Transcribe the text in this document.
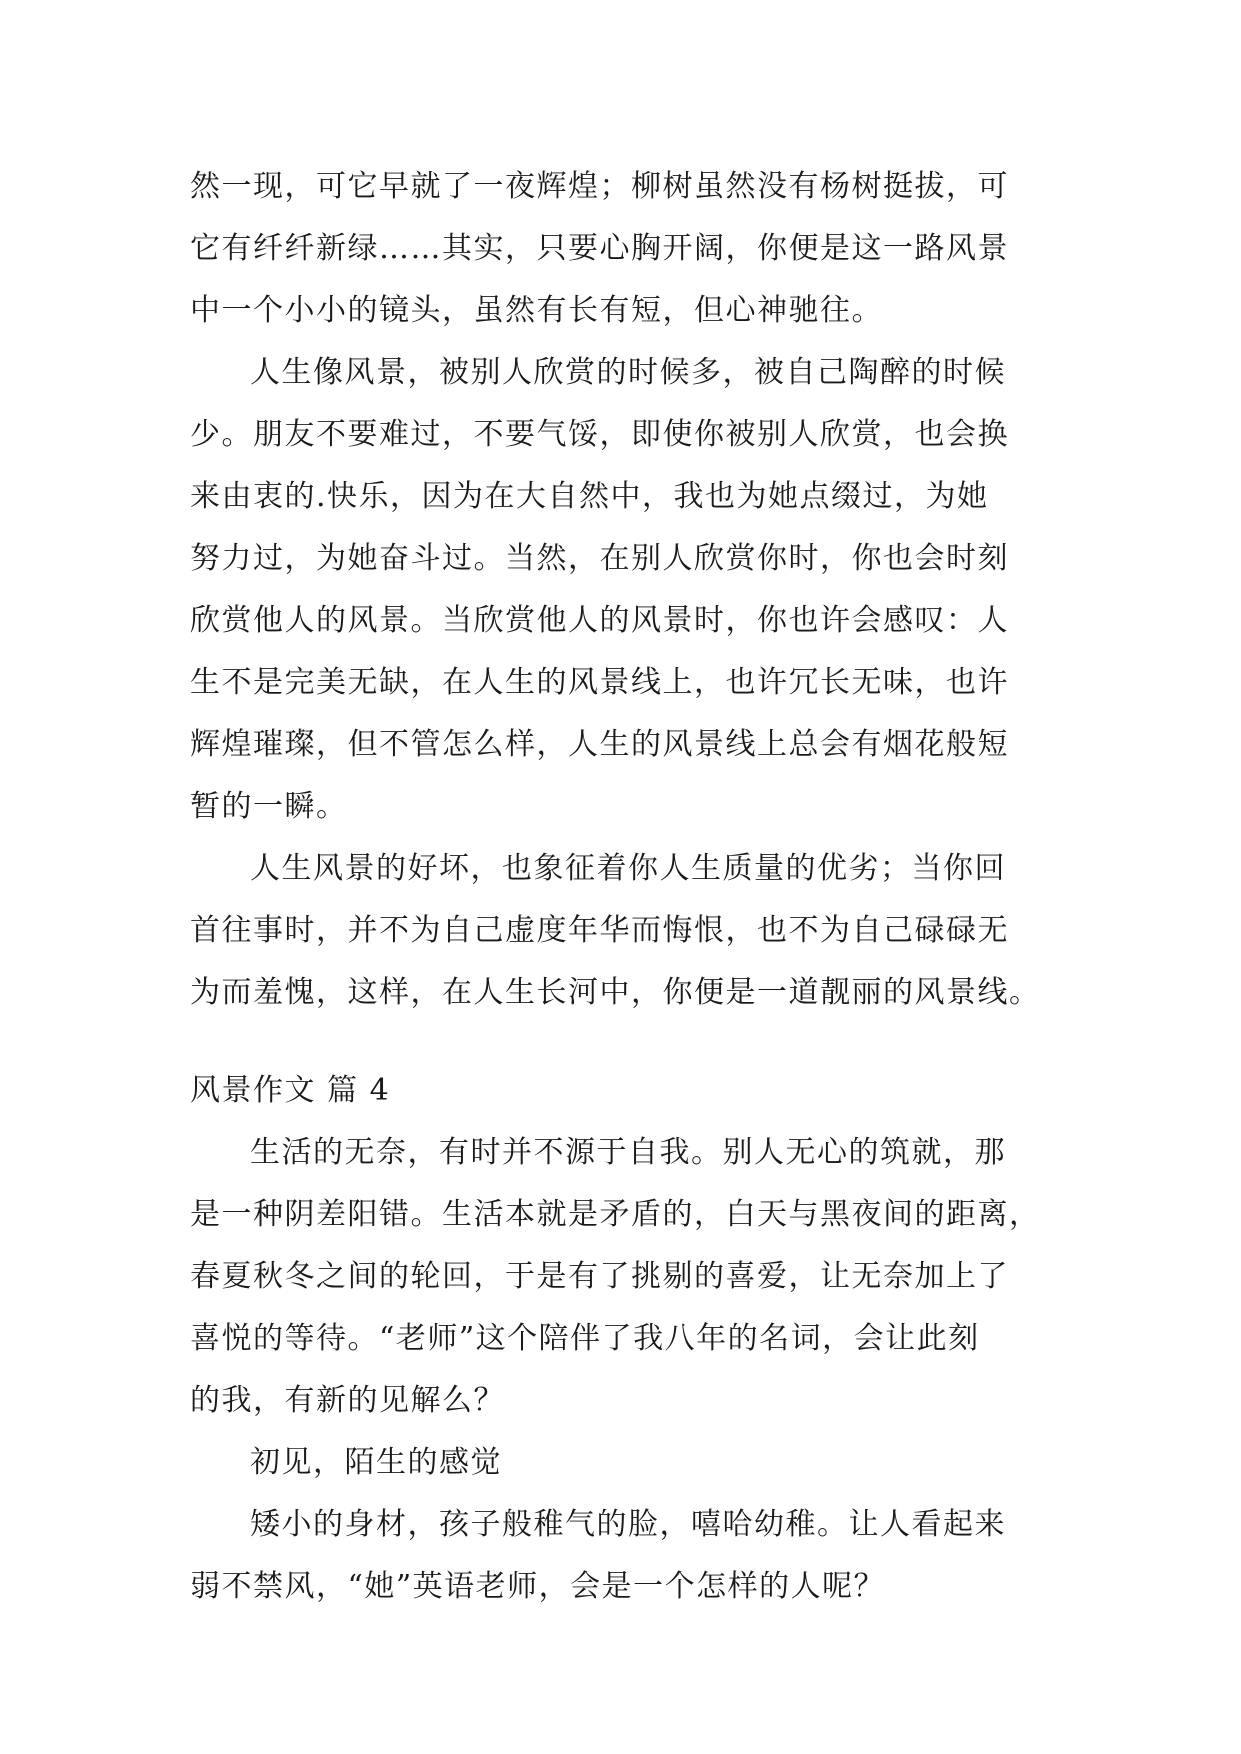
然一现，可它早就了一夜辉煌；柳树虽然没有杨树挺拔，可
它有纤纤新绿……其实，只要心胸开阔，你便是这一路风景
中一个小小的镜头，虽然有长有短，但心神驰往。
人生像风景，被别人欣赏的时候多，被自己陶醉的时候
少。朋友不要难过，不要气馁，即使你被别人欣赏，也会换
来由衷的.快乐，因为在大自然中，我也为她点缀过，为她
努力过，为她奋斗过。当然，在别人欣赏你时，你也会时刻
欣赏他人的风景。当欣赏他人的风景时，你也许会感叹：人
生不是完美无缺，在人生的风景线上，也许冗长无味，也许
辉煌璀璨，但不管怎么样，人生的风景线上总会有烟花般短
暂的一瞬。
人生风景的好坏，也象征着你人生质量的优劣；当你回
首往事时，并不为自己虚度年华而悔恨，也不为自己碌碌无
为而羞愧，这样，在人生长河中，你便是一道靓丽的风景线。
风景作文 篇 4
生活的无奈，有时并不源于自我。别人无心的筑就，那
是一种阴差阳错。生活本就是矛盾的，白天与黑夜间的距离，
春夏秋冬之间的轮回，于是有了挑剔的喜爱，让无奈加上了
喜悦的等待。“老师”这个陪伴了我八年的名词，会让此刻
的我，有新的见解么？
初见，陌生的感觉
矮小的身材，孩子般稚气的脸，嘻哈幼稚。让人看起来
弱不禁风，“她”英语老师，会是一个怎样的人呢？
